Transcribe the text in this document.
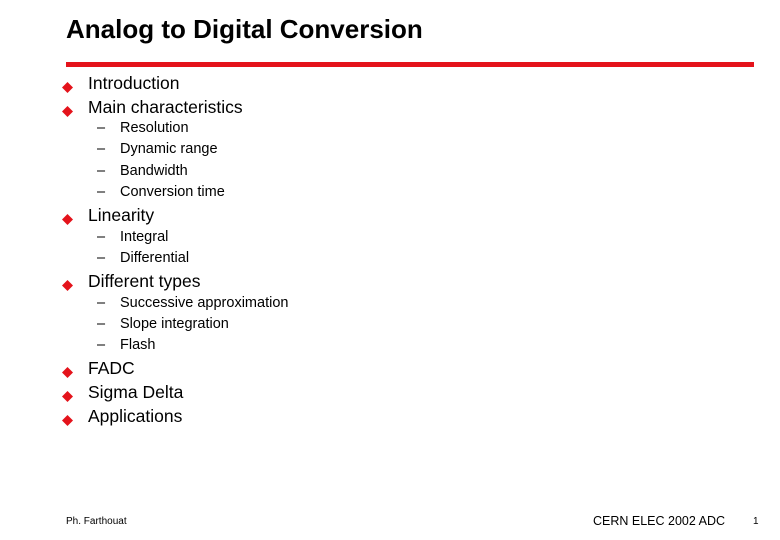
Analog to Digital Conversion
Introduction
Main characteristics
– Resolution
– Dynamic range
– Bandwidth
– Conversion time
Linearity
– Integral
– Differential
Different types
– Successive approximation
– Slope integration
– Flash
FADC
Sigma Delta
Applications
Ph. Farthouat	CERN ELEC 2002 ADC	1
